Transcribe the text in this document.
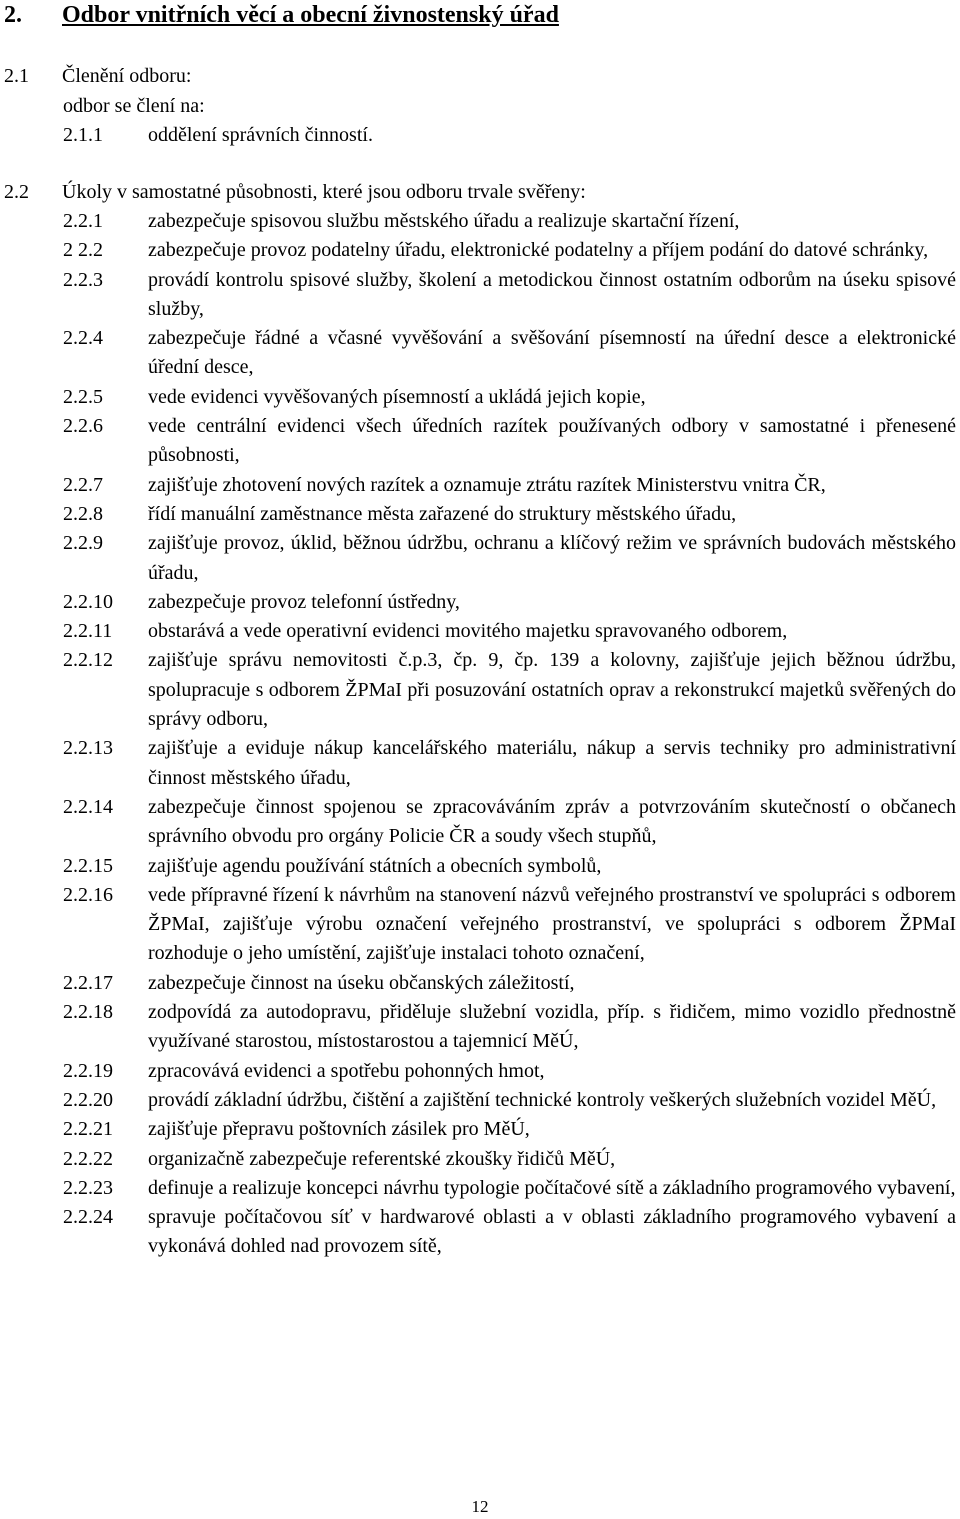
2. Odbor vnitřních věcí a obecní živnostenský úřad
2.1 Členění odboru:
odbor se člení na:
2.1.1 oddělení správních činností.
2.2 Úkoly v samostatné působnosti, které jsou odboru trvale svěřeny:
2.2.1	zabezpečuje spisovou službu městského úřadu a realizuje skartační řízení,
2 2.2	zabezpečuje provoz podatelny úřadu, elektronické podatelny a příjem podání do datové schránky,
2.2.3	provádí kontrolu spisové služby, školení a metodickou činnost ostatním odborům na úseku spisové služby,
2.2.4	zabezpečuje řádné a včasné vyvěšování a svěšování písemností na úřední desce a elektronické úřední desce,
2.2.5	vede evidenci vyvěšovaných písemností a ukládá jejich kopie,
2.2.6	vede centrální evidenci všech úředních razítek používaných odbory v samostatné i přenesené působnosti,
2.2.7	zajišťuje zhotovení nových razítek a oznamuje ztrátu razítek Ministerstvu vnitra ČR,
2.2.8	řídí manuální zaměstnance města zařazené do struktury městského úřadu,
2.2.9	zajišťuje provoz, úklid, běžnou údržbu, ochranu a klíčový režim ve správních budovách městského úřadu,
2.2.10	zabezpečuje provoz telefonní ústředny,
2.2.11	obstarává a vede operativní evidenci movitého majetku spravovaného odborem,
2.2.12	zajišťuje správu nemovitosti č.p.3, čp. 9, čp. 139 a kolovny, zajišťuje jejich běžnou údržbu, spolupracuje s odborem ŽPMaI při posuzování ostatních oprav a rekonstrukcí majetků svěřených do správy odboru,
2.2.13	zajišťuje a eviduje nákup kancelářského materiálu, nákup a servis techniky pro administrativní činnost městského úřadu,
2.2.14	zabezpečuje činnost spojenou se zpracováváním zpráv a potvrzováním skutečností o občanech správního obvodu pro orgány Policie ČR a soudy všech stupňů,
2.2.15	zajišťuje agendu používání státních a obecních symbolů,
2.2.16	vede přípravné řízení k návrhům na stanovení názvů veřejného prostranství ve spolupráci s odborem ŽPMaI, zajišťuje výrobu označení veřejného prostranství, ve spolupráci s odborem ŽPMaI rozhoduje o jeho umístění, zajišťuje instalaci tohoto označení,
2.2.17	zabezpečuje činnost na úseku občanských záležitostí,
2.2.18	zodpovídá za autodopravu, přiděluje služební vozidla, příp. s řidičem, mimo vozidlo přednostně využívané starostou, místostarostou a tajemnicí MěÚ,
2.2.19	zpracovává evidenci a spotřebu pohonných hmot,
2.2.20	provádí základní údržbu, čištění a zajištění technické kontroly veškerých služebních vozidel MěÚ,
2.2.21	zajišťuje přepravu poštovních zásilek pro MěÚ,
2.2.22	organizačně zabezpečuje referentské zkoušky řidičů MěÚ,
2.2.23	definuje a realizuje koncepci návrhu typologie počítačové sítě a základního programového vybavení,
2.2.24	spravuje počítačovou síť v hardwarové oblasti a v oblasti základního programového vybavení a vykonává dohled nad provozem sítě,
12
